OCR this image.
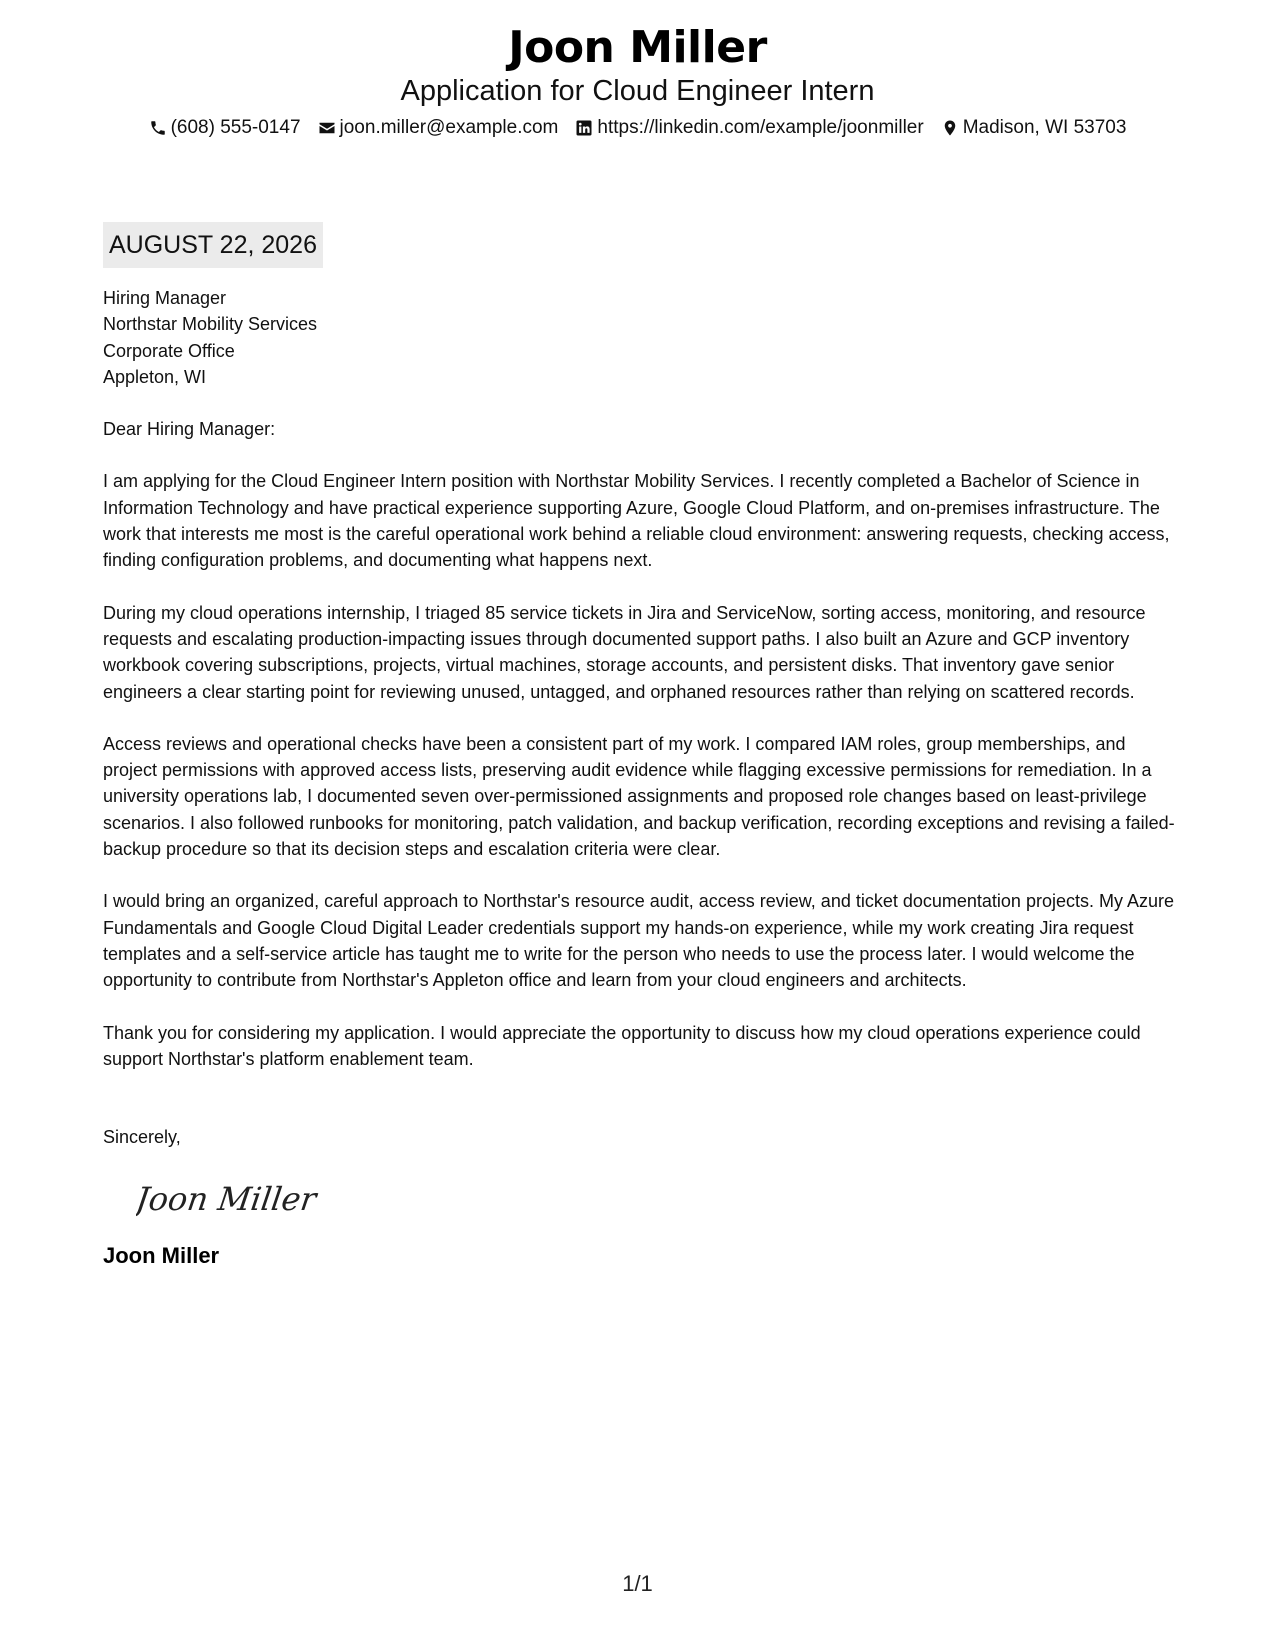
Joon Miller
Application for Cloud Engineer Intern
(608) 555-0147 joon.miller@example.com https://linkedin.com/example/joonmiller Madison, WI 53703
AUGUST 22, 2026
Hiring Manager
Northstar Mobility Services
Corporate Office
Appleton, WI
Dear Hiring Manager:

I am applying for the Cloud Engineer Intern position with Northstar Mobility Services. I recently completed a Bachelor of Science in Information Technology and have practical experience supporting Azure, Google Cloud Platform, and on-premises infrastructure. The work that interests me most is the careful operational work behind a reliable cloud environment: answering requests, checking access, finding configuration problems, and documenting what happens next.

During my cloud operations internship, I triaged 85 service tickets in Jira and ServiceNow, sorting access, monitoring, and resource requests and escalating production-impacting issues through documented support paths. I also built an Azure and GCP inventory workbook covering subscriptions, projects, virtual machines, storage accounts, and persistent disks. That inventory gave senior engineers a clear starting point for reviewing unused, untagged, and orphaned resources rather than relying on scattered records.

Access reviews and operational checks have been a consistent part of my work. I compared IAM roles, group memberships, and project permissions with approved access lists, preserving audit evidence while flagging excessive permissions for remediation. In a university operations lab, I documented seven over-permissioned assignments and proposed role changes based on least-privilege scenarios. I also followed runbooks for monitoring, patch validation, and backup verification, recording exceptions and revising a failed-backup procedure so that its decision steps and escalation criteria were clear.

I would bring an organized, careful approach to Northstar's resource audit, access review, and ticket documentation projects. My Azure Fundamentals and Google Cloud Digital Leader credentials support my hands-on experience, while my work creating Jira request templates and a self-service article has taught me to write for the person who needs to use the process later. I would welcome the opportunity to contribute from Northstar's Appleton office and learn from your cloud engineers and architects.

Thank you for considering my application. I would appreciate the opportunity to discuss how my cloud operations experience could support Northstar's platform enablement team.

Sincerely,
Joon Miller
Joon Miller
1/1
